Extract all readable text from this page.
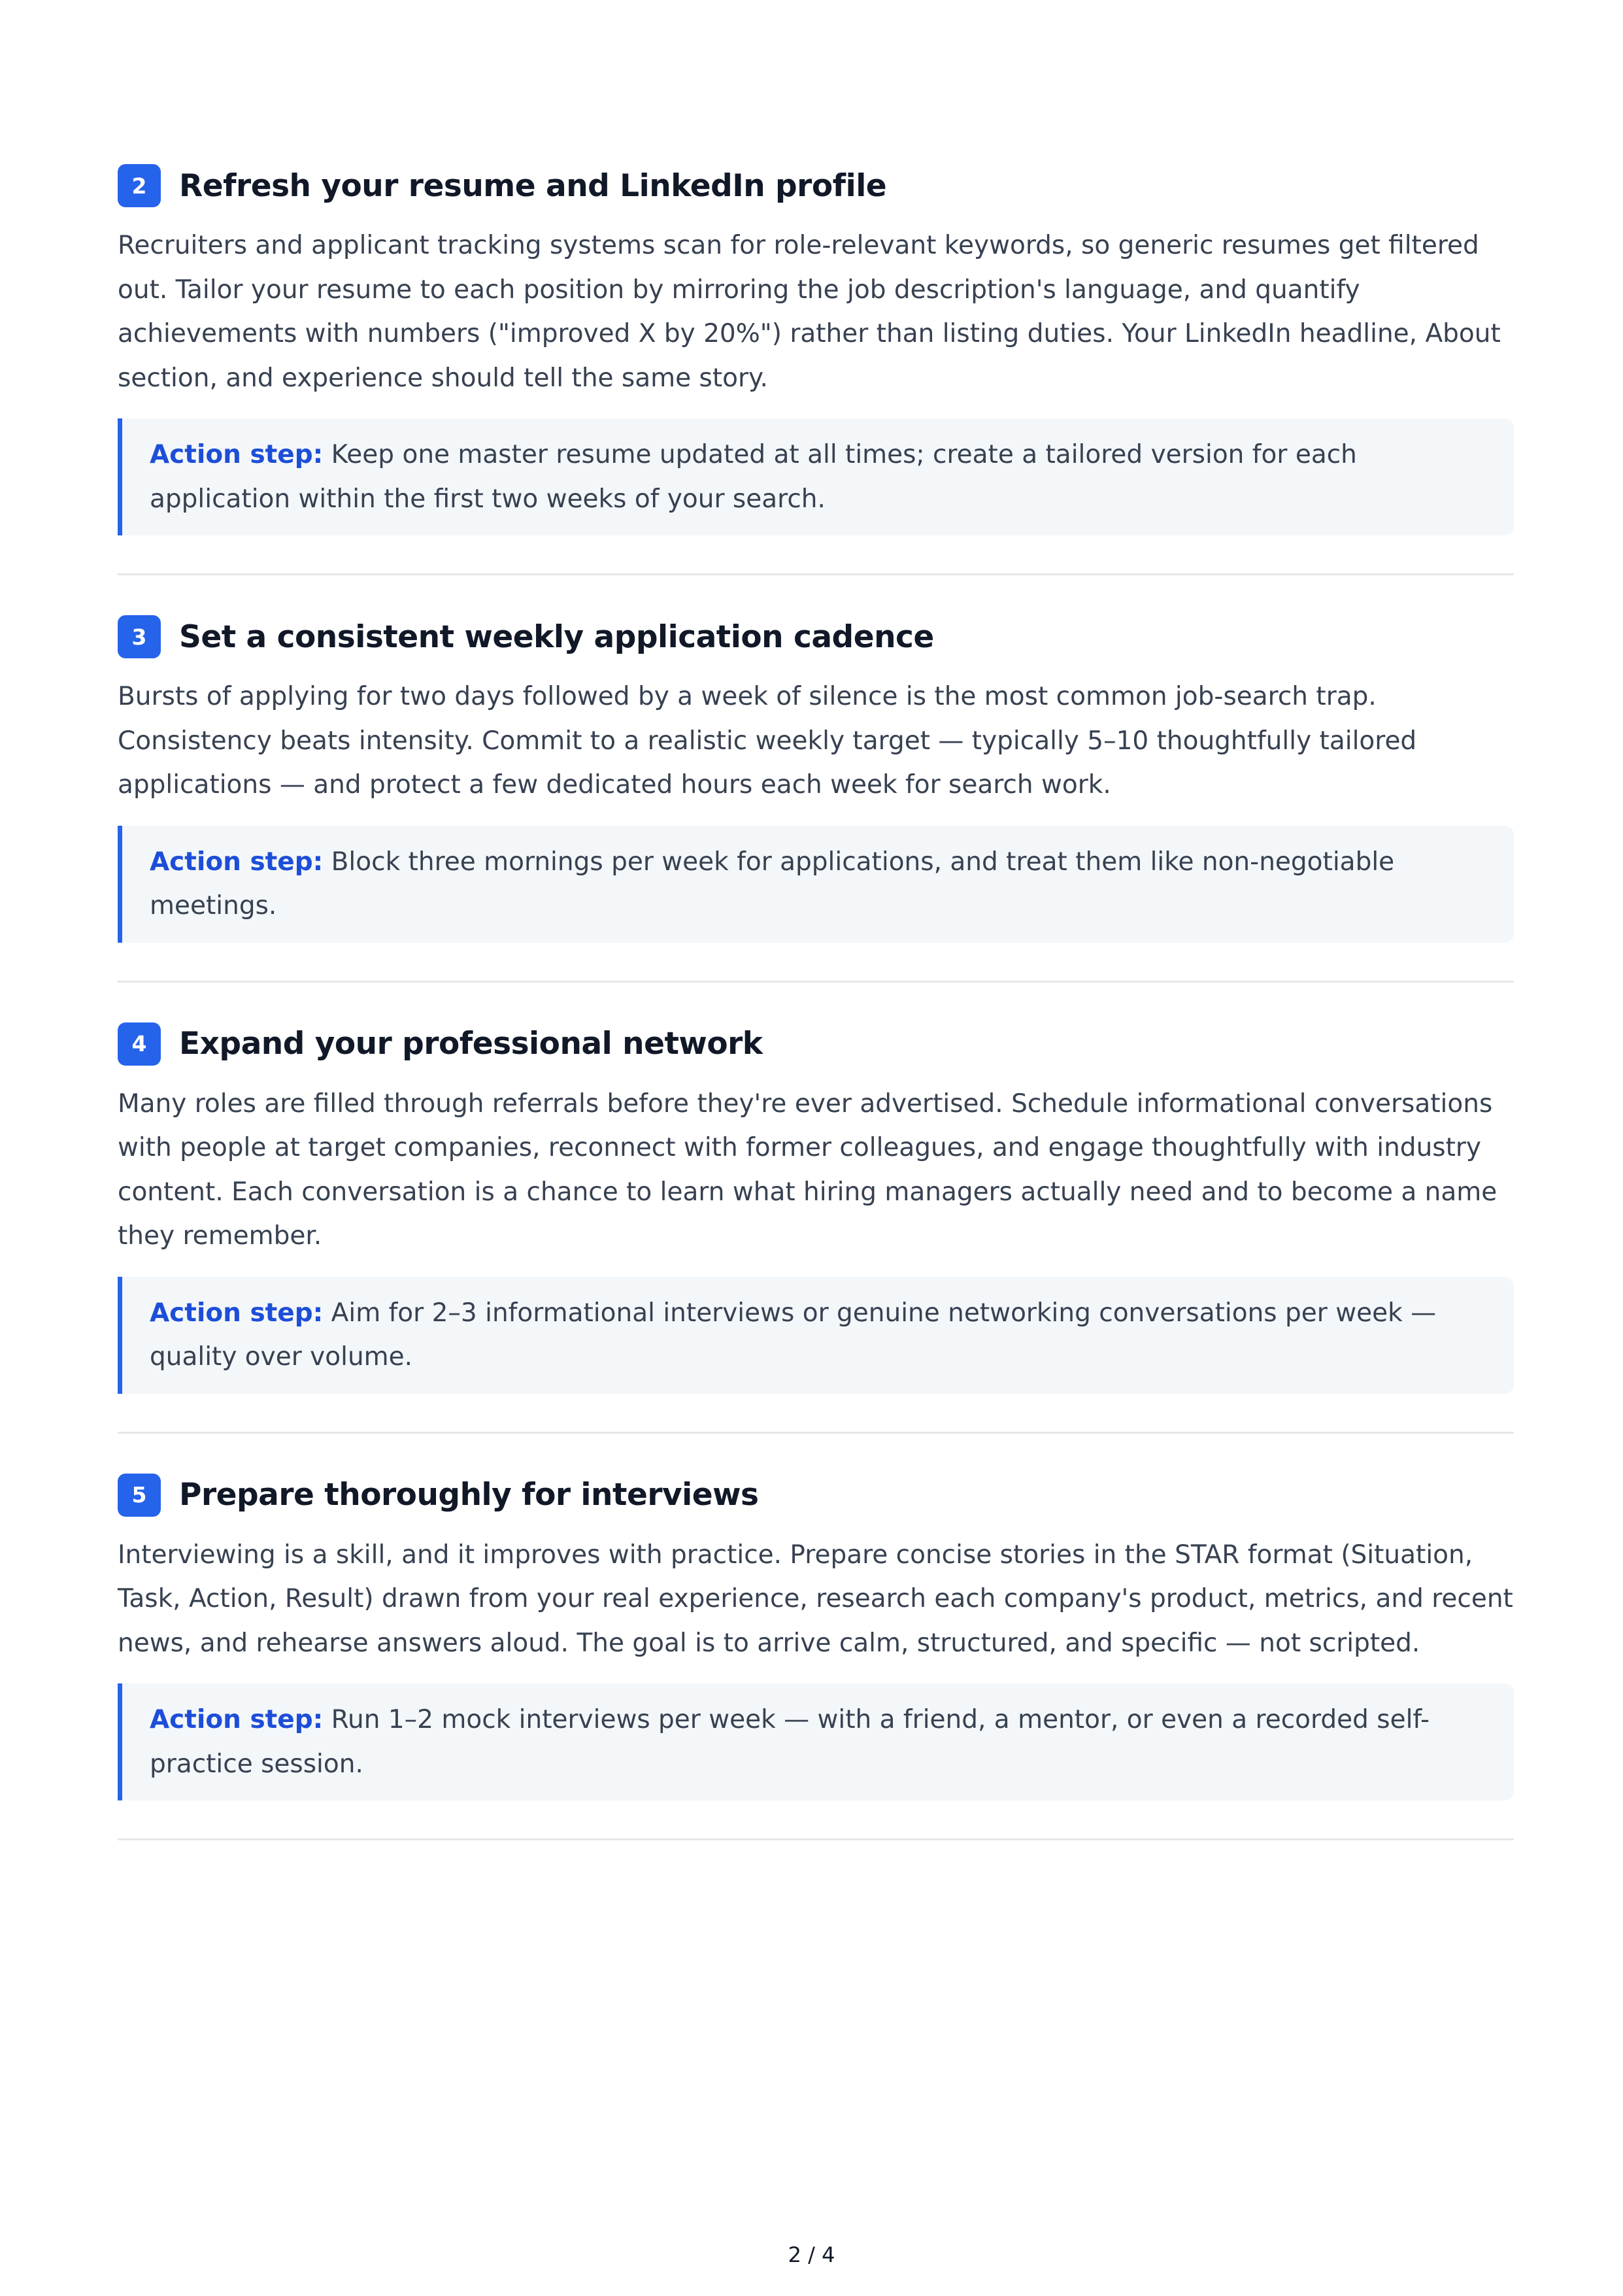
2	Refresh your resume and LinkedIn profile

Recruiters and applicant tracking systems scan for role-relevant keywords, so generic resumes get filtered out. Tailor your resume to each position by mirroring the job description's language, and quantify achievements with numbers ("improved X by 20%") rather than listing duties. Your LinkedIn headline, About section, and experience should tell the same story.

Action step: Keep one master resume updated at all times; create a tailored version for each application within the first two weeks of your search.
3	Set a consistent weekly application cadence

Bursts of applying for two days followed by a week of silence is the most common job-search trap. Consistency beats intensity. Commit to a realistic weekly target — typically 5–10 thoughtfully tailored applications — and protect a few dedicated hours each week for search work.

Action step: Block three mornings per week for applications, and treat them like non-negotiable meetings.
4	Expand your professional network

Many roles are filled through referrals before they're ever advertised. Schedule informational conversations with people at target companies, reconnect with former colleagues, and engage thoughtfully with industry content. Each conversation is a chance to learn what hiring managers actually need and to become a name they remember.

Action step: Aim for 2–3 informational interviews or genuine networking conversations per week — quality over volume.
5	Prepare thoroughly for interviews

Interviewing is a skill, and it improves with practice. Prepare concise stories in the STAR format (Situation, Task, Action, Result) drawn from your real experience, research each company's product, metrics, and recent news, and rehearse answers aloud. The goal is to arrive calm, structured, and specific — not scripted.

Action step: Run 1–2 mock interviews per week — with a friend, a mentor, or even a recorded self-practice session.
2 / 4
